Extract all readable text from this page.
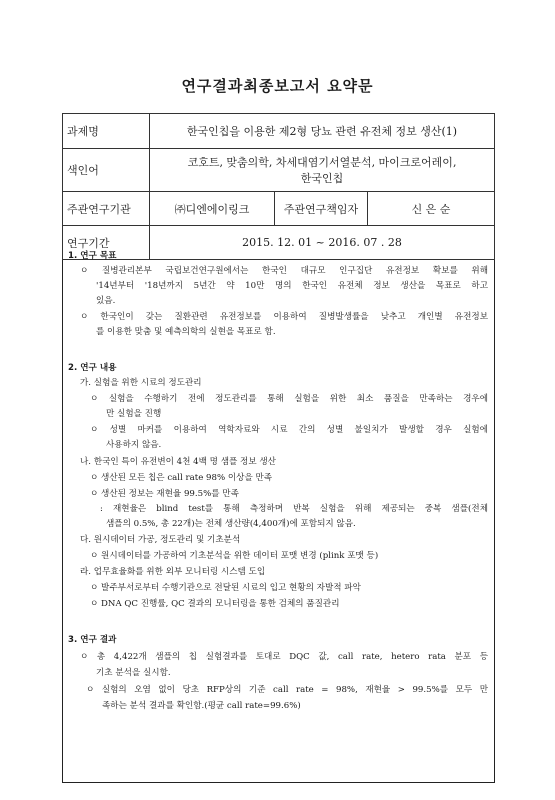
연구결과최종보고서 요약문
과제명	한국인칩을 이용한 제2형 당뇨 관련 유전체 정보 생산(1)		
색인어	코호트, 맞춤의학, 차세대염기서열분석, 마이크로어레이,
한국인칩		

주관연구기관	㈜디엔에이링크	주관연구책임자	신 은 순
연구기간	2015. 12. 01 ~ 2016. 07 . 28		
1. 연구 목표
ㅇ 질병관리본부 국립보건연구원에서는 한국인 대규모 인구집단 유전정보 확보를 위해
'14년부터 '18년까지 5년간 약 10만 명의 한국인 유전체 정보 생산을 목표로 하고
있음.
ㅇ 한국인이 갖는 질환관련 유전정보를 이용하여 질병발생률을 낮추고 개인별 유전정보
를 이용한 맞춤 및 예측의학의 실현을 목표로 함.
2. 연구 내용
가. 실험을 위한 시료의 정도관리
ㅇ 실험을 수행하기 전에 정도관리를 통해 실험을 위한 최소 품질을 만족하는 경우에
만 실험을 진행
ㅇ 성별 마커를 이용하여 역학자료와 시료 간의 성별 불일치가 발생할 경우 실험에
사용하지 않음.
나. 한국인 특이 유전변이 4천 4백 명 샘플 정보 생산
ㅇ 생산된 모든 칩은 call rate 98% 이상을 만족
ㅇ 생산된 정보는 재현율 99.5%를 만족
: 재현율은 blind test를 통해 측정하며 반복 실험을 위해 제공되는 중복 샘플(전체
샘플의 0.5%, 총 22개)는 전체 생산량(4,400개)에 포함되지 않음.
다. 원시데이터 가공, 정도관리 및 기초분석
ㅇ 원시데이터를 가공하여 기초분석을 위한 데이터 포맷 변경 (plink 포맷 등)
라. 업무효율화를 위한 외부 모니터링 시스템 도입
ㅇ 발주부서로부터 수행기관으로 전달된 시료의 입고 현황의 자발적 파악
ㅇ DNA QC 진행률, QC 결과의 모니터링을 통한 검체의 품질관리
3. 연구 결과
ㅇ 총 4,422개 샘플의 칩 실험결과를 토대로 DQC 값, call rate, hetero rata 분포 등
기초 분석을 실시함.
ㅇ 실험의 오염 없이 당초 RFP상의 기준 call rate = 98%, 재현율 > 99.5%를 모두 만
족하는 분석 결과를 확인함.(평균 call rate=99.6%)
